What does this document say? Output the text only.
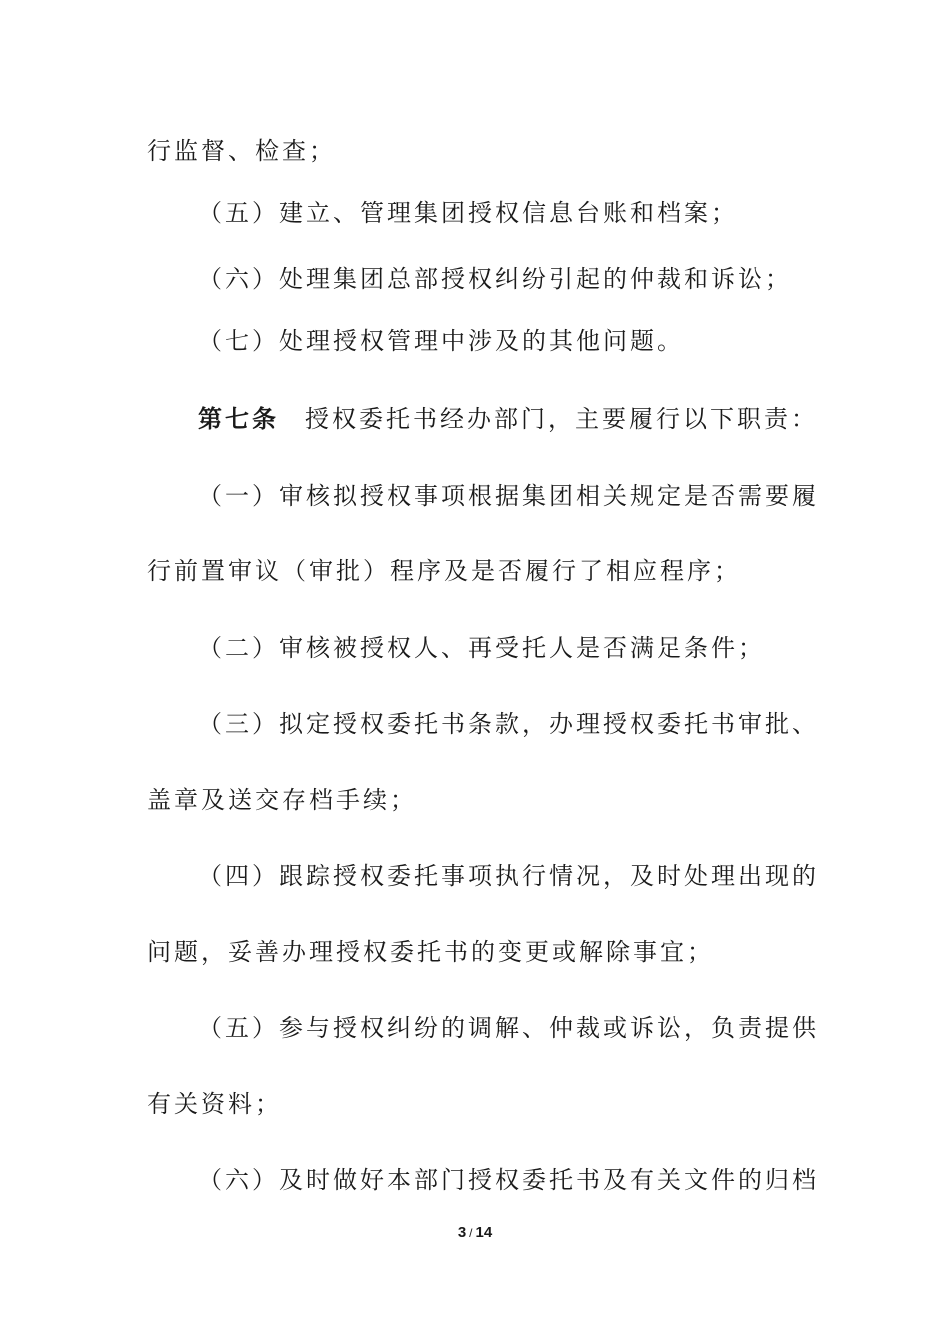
行监督、检查；
（五）建立、管理集团授权信息台账和档案；
（六）处理集团总部授权纠纷引起的仲裁和诉讼；
（七）处理授权管理中涉及的其他问题。
第七条 授权委托书经办部门，主要履行以下职责：
（一）审核拟授权事项根据集团相关规定是否需要履
行前置审议（审批）程序及是否履行了相应程序；
（二）审核被授权人、再受托人是否满足条件；
（三）拟定授权委托书条款，办理授权委托书审批、
盖章及送交存档手续；
（四）跟踪授权委托事项执行情况，及时处理出现的
问题，妥善办理授权委托书的变更或解除事宜；
（五）参与授权纠纷的调解、仲裁或诉讼，负责提供
有关资料；
（六）及时做好本部门授权委托书及有关文件的归档
3 / 14
